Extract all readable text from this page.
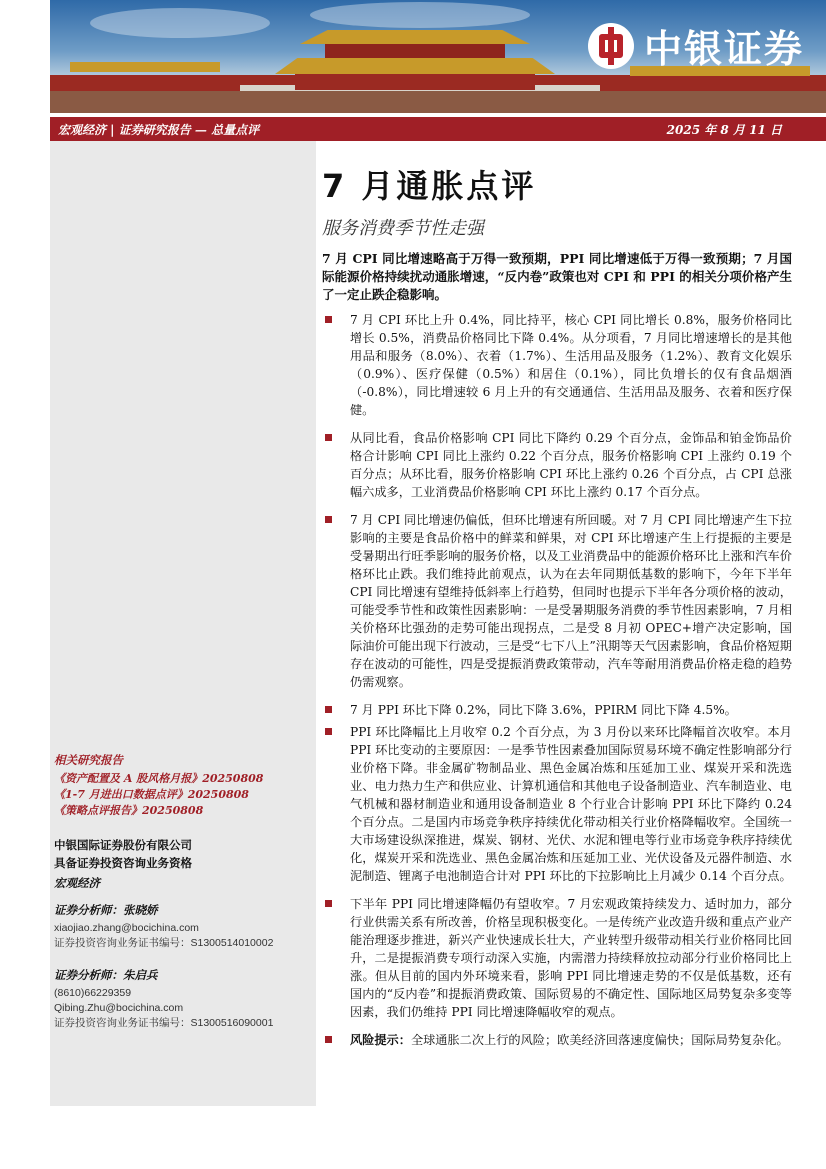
中银证券
宏观经济 | 证券研究报告 — 总量点评	2025 年 8 月 11 日
相关研究报告
《资产配置及 A 股风格月报》20250808
《1-7 月进出口数据点评》20250808
《策略点评报告》20250808
中银国际证券股份有限公司
具备证券投资咨询业务资格
宏观经济
证券分析师：张晓娇
xiaojiao.zhang@bocichina.com
证券投资咨询业务证书编号：S1300514010002
证券分析师：朱启兵
(8610)66229359
Qibing.Zhu@bocichina.com
证券投资咨询业务证书编号：S1300516090001
7 月通胀点评
服务消费季节性走强
7 月 CPI 同比增速略高于万得一致预期，PPI 同比增速低于万得一致预期；7 月国际能源价格持续扰动通胀增速，“反内卷”政策也对 CPI 和 PPI 的相关分项价格产生了一定止跌企稳影响。
7 月 CPI 环比上升 0.4%，同比持平，核心 CPI 同比增长 0.8%，服务价格同比增长 0.5%，消费品价格同比下降 0.4%。从分项看，7 月同比增速增长的是其他用品和服务（8.0%）、衣着（1.7%）、生活用品及服务（1.2%）、教育文化娱乐（0.9%）、医疗保健（0.5%）和居住（0.1%），同比负增长的仅有食品烟酒（-0.8%），同比增速较 6 月上升的有交通通信、生活用品及服务、衣着和医疗保健。
从同比看，食品价格影响 CPI 同比下降约 0.29 个百分点，金饰品和铂金饰品价格合计影响 CPI 同比上涨约 0.22 个百分点，服务价格影响 CPI 上涨约 0.19 个百分点；从环比看，服务价格影响 CPI 环比上涨约 0.26 个百分点，占 CPI 总涨幅六成多，工业消费品价格影响 CPI 环比上涨约 0.17 个百分点。
7 月 CPI 同比增速仍偏低，但环比增速有所回暖。对 7 月 CPI 同比增速产生下拉影响的主要是食品价格中的鲜菜和鲜果，对 CPI 环比增速产生上行提振的主要是受暑期出行旺季影响的服务价格，以及工业消费品中的能源价格环比上涨和汽车价格环比止跌。我们维持此前观点，认为在去年同期低基数的影响下，今年下半年 CPI 同比增速有望维持低斜率上行趋势，但同时也提示下半年各分项价格的波动，可能受季节性和政策性因素影响：一是受暑期服务消费的季节性因素影响，7 月相关价格环比强劲的走势可能出现拐点，二是受 8 月初 OPEC+增产决定影响，国际油价可能出现下行波动，三是受“七下八上”汛期等天气因素影响，食品价格短期存在波动的可能性，四是受提振消费政策带动，汽车等耐用消费品价格走稳的趋势仍需观察。
7 月 PPI 环比下降 0.2%，同比下降 3.6%，PPIRM 同比下降 4.5%。
PPI 环比降幅比上月收窄 0.2 个百分点，为 3 月份以来环比降幅首次收窄。本月 PPI 环比变动的主要原因：一是季节性因素叠加国际贸易环境不确定性影响部分行业价格下降。非金属矿物制品业、黑色金属冶炼和压延加工业、煤炭开采和洗选业、电力热力生产和供应业、计算机通信和其他电子设备制造业、汽车制造业、电气机械和器材制造业和通用设备制造业 8 个行业合计影响 PPI 环比下降约 0.24 个百分点。二是国内市场竞争秩序持续优化带动相关行业价格降幅收窄。全国统一大市场建设纵深推进，煤炭、钢材、光伏、水泥和锂电等行业市场竞争秩序持续优化，煤炭开采和洗选业、黑色金属冶炼和压延加工业、光伏设备及元器件制造、水泥制造、锂离子电池制造合计对 PPI 环比的下拉影响比上月减少 0.14 个百分点。
下半年 PPI 同比增速降幅仍有望收窄。7 月宏观政策持续发力、适时加力，部分行业供需关系有所改善，价格呈现积极变化。一是传统产业改造升级和重点产业产能治理逐步推进，新兴产业快速成长壮大，产业转型升级带动相关行业价格同比回升，二是提振消费专项行动深入实施，内需潜力持续释放拉动部分行业价格同比上涨。但从目前的国内外环境来看，影响 PPI 同比增速走势的不仅是低基数，还有国内的“反内卷”和提振消费政策、国际贸易的不确定性、国际地区局势复杂多变等因素，我们仍维持 PPI 同比增速降幅收窄的观点。
风险提示：全球通胀二次上行的风险；欧美经济回落速度偏快；国际局势复杂化。
